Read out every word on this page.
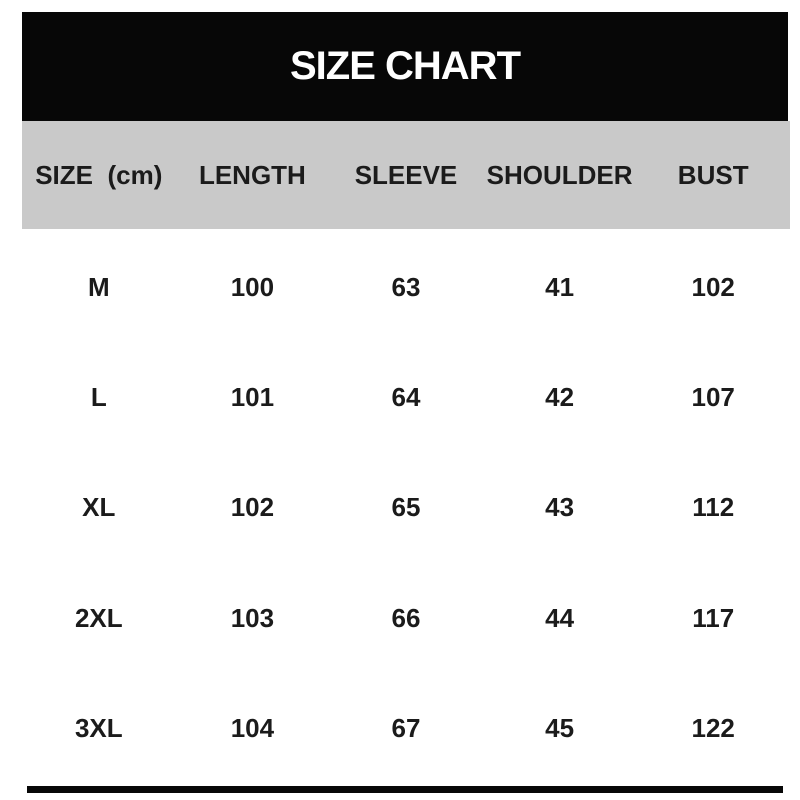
SIZE CHART
SIZE  (cm)	LENGTH	SLEEVE	SHOULDER	BUST
M	100	63	41	102
L	101	64	42	107
XL	102	65	43	112
2XL	103	66	44	117
3XL	104	67	45	122
